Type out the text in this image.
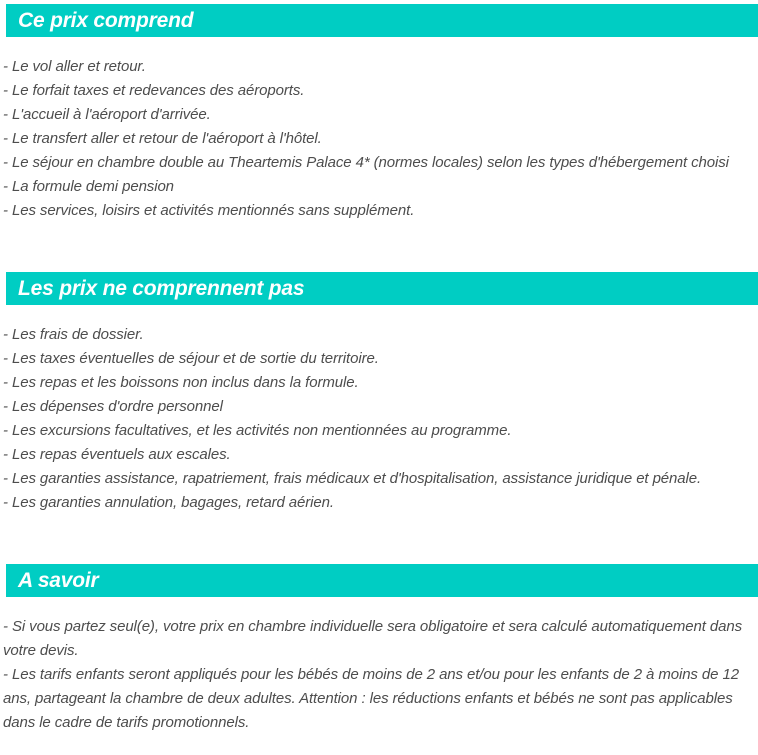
Ce prix comprend
- Le vol aller et retour.
- Le forfait taxes et redevances des aéroports.
- L'accueil à l'aéroport d'arrivée.
- Le transfert aller et retour de l'aéroport à l'hôtel.
- Le séjour en chambre double au Theartemis Palace 4* (normes locales) selon les types d'hébergement choisi
- La formule demi pension
- Les services, loisirs et activités mentionnés sans supplément.
Les prix ne comprennent pas
- Les frais de dossier.
- Les taxes éventuelles de séjour et de sortie du territoire.
- Les repas et les boissons non inclus dans la formule.
- Les dépenses d'ordre personnel
- Les excursions facultatives, et les activités non mentionnées au programme.
- Les repas éventuels aux escales.
- Les garanties assistance, rapatriement, frais médicaux et d'hospitalisation, assistance juridique et pénale.
- Les garanties annulation, bagages, retard aérien.
A savoir
- Si vous partez seul(e), votre prix en chambre individuelle sera obligatoire et sera calculé automatiquement dans votre devis.
- Les tarifs enfants seront appliqués pour les bébés de moins de 2 ans et/ou pour les enfants de 2 à moins de 12 ans, partageant la chambre de deux adultes. Attention : les réductions enfants et bébés ne sont pas applicables dans le cadre de tarifs promotionnels.
